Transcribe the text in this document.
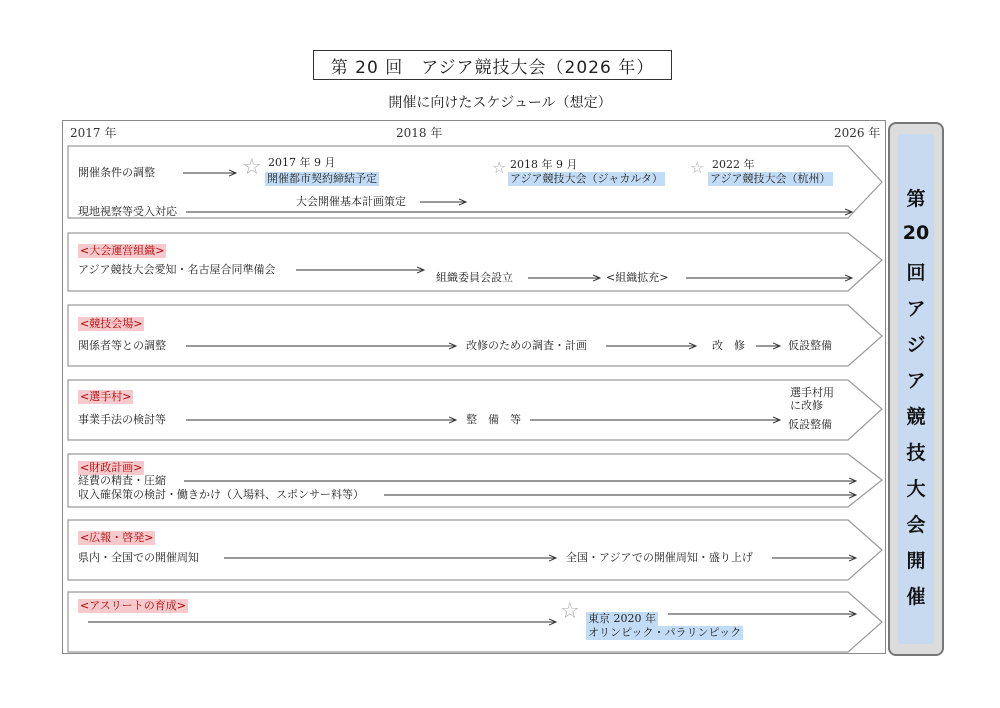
第 20 回　アジア競技大会（2026 年）
開催に向けたスケジュール（想定）
2017 年	2018 年	2026 年
☆	☆	☆
☆
開催条件の調整
2017 年 9 月
開催都市契約締結予定
2018 年 9 月
アジア競技大会（ジャカルタ）
2022 年
アジア競技大会（杭州）
大会開催基本計画策定
現地視察等受入対応
<大会運営組織>
アジア競技大会愛知・名古屋合同準備会
組織委員会設立	<組織拡充>
<競技会場>
関係者等との調整	改修のための調査・計画	改　修	仮設整備
<選手村>
事業手法の検討等	整　備　等
選手村用
に改修
仮設整備
<財政計画>
経費の精査・圧縮
収入確保策の検討・働きかけ（入場料、スポンサー料等）
<広報・啓発>
県内・全国での開催周知	全国・アジアでの開催周知・盛り上げ
<アスリートの育成>
東京 2020 年
オリンピック・パラリンピック
第
20
回
ア
ジ
ア
競
技
大
会
開
催
